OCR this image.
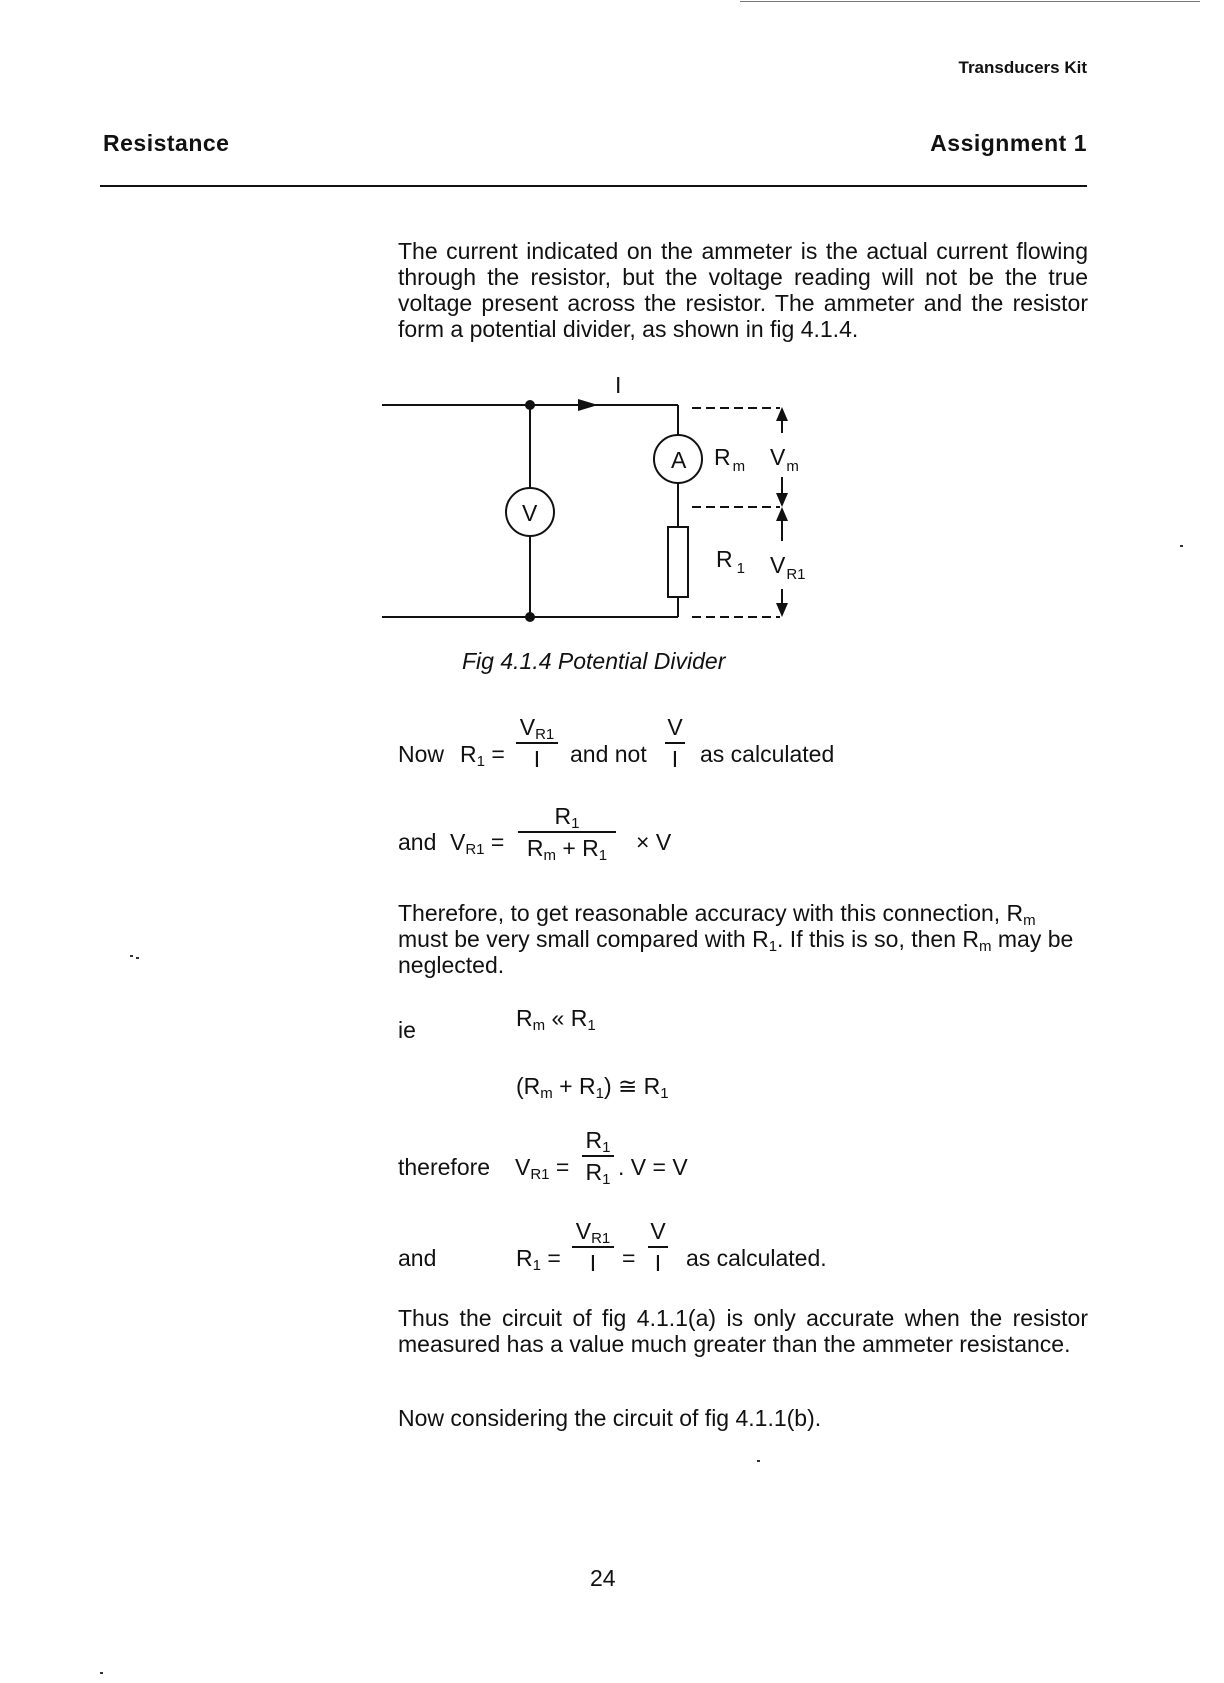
Transducers Kit
Resistance	Assignment 1
The current indicated on the ammeter is the actual current flowing through the resistor, but the voltage reading will not be the true voltage present across the resistor. The ammeter and the resistor form a potential divider, as shown in fig 4.1.4.
I
A
V
R $_m$ $V_m$
R $_1$ $V_{R1}$
Fig 4.1.4 Potential Divider
Now $R_1$ =
$V_{R1}$
I	and not
V
I as calculated
and $V_{R1}$ =
$R_1$
$R_m + R_1$
× V
Therefore, to get reasonable accuracy with this connection, $R_m$ must be very small compared with $R_1$. If this is so, then $R_m$ may be neglected.
ie	$R_m$ « $R_1$
$(R_m + R_1)$ ≅ $R_1$
therefore $V_{R1}$ =
$R_1$
$R_1$ . V = V
and	$R_1$ =
$V_{R1}$
I	=
V
I as calculated.
Thus the circuit of fig 4.1.1(a) is only accurate when the resistor measured has a value much greater than the ammeter resistance.
Now considering the circuit of fig 4.1.1(b).
24
